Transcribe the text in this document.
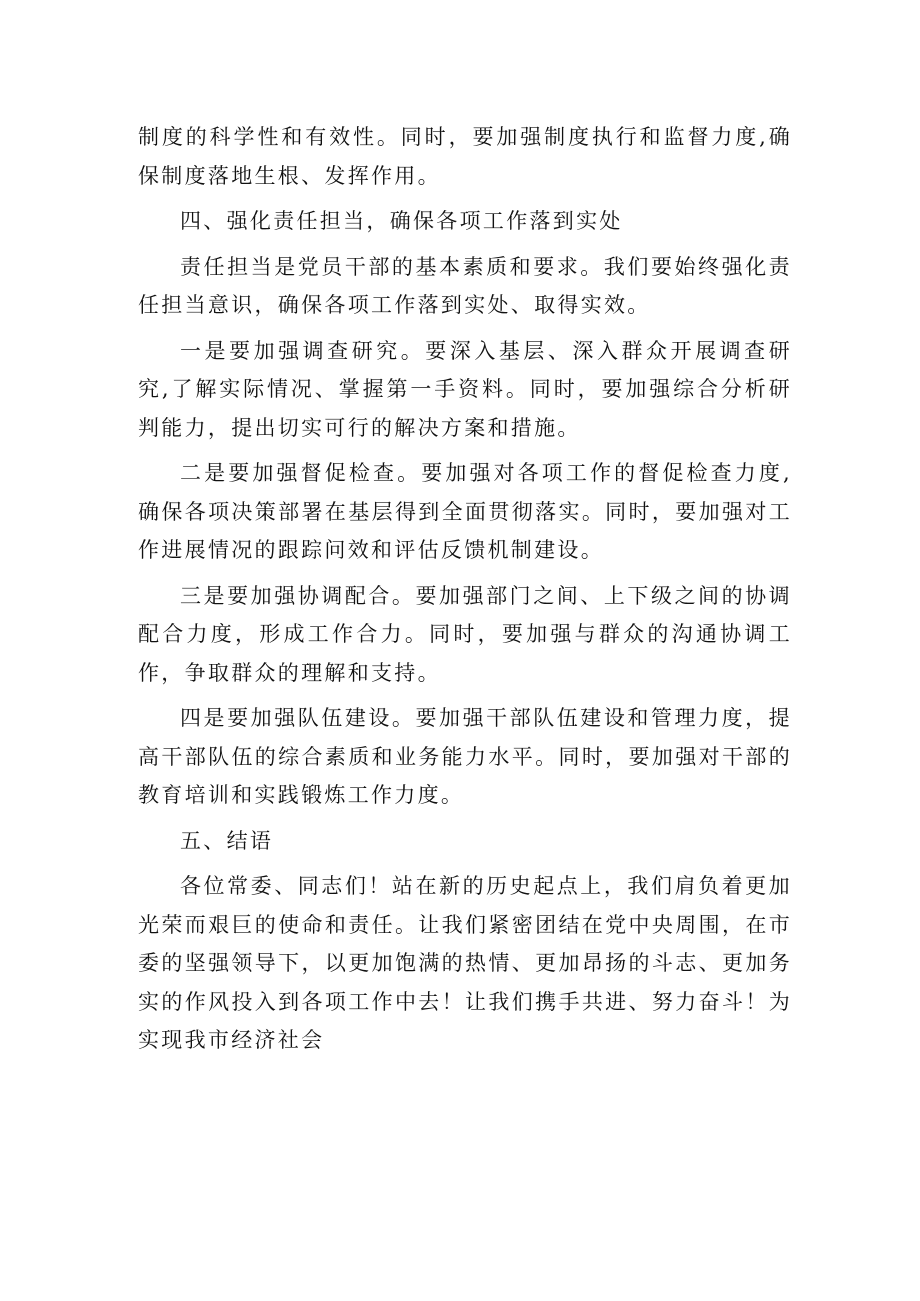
制度的科学性和有效性。同时，要加强制度执行和监督力度,确保制度落地生根、发挥作用。

四、强化责任担当，确保各项工作落到实处

责任担当是党员干部的基本素质和要求。我们要始终强化责任担当意识，确保各项工作落到实处、取得实效。

一是要加强调查研究。要深入基层、深入群众开展调查研究,了解实际情况、掌握第一手资料。同时，要加强综合分析研判能力，提出切实可行的解决方案和措施。

二是要加强督促检查。要加强对各项工作的督促检查力度,确保各项决策部署在基层得到全面贯彻落实。同时，要加强对工作进展情况的跟踪问效和评估反馈机制建设。

三是要加强协调配合。要加强部门之间、上下级之间的协调配合力度，形成工作合力。同时，要加强与群众的沟通协调工作，争取群众的理解和支持。

四是要加强队伍建设。要加强干部队伍建设和管理力度，提高干部队伍的综合素质和业务能力水平。同时，要加强对干部的教育培训和实践锻炼工作力度。

五、结语

各位常委、同志们！站在新的历史起点上，我们肩负着更加光荣而艰巨的使命和责任。让我们紧密团结在党中央周围，在市委的坚强领导下，以更加饱满的热情、更加昂扬的斗志、更加务实的作风投入到各项工作中去！让我们携手共进、努力奋斗！为实现我市经济社会
